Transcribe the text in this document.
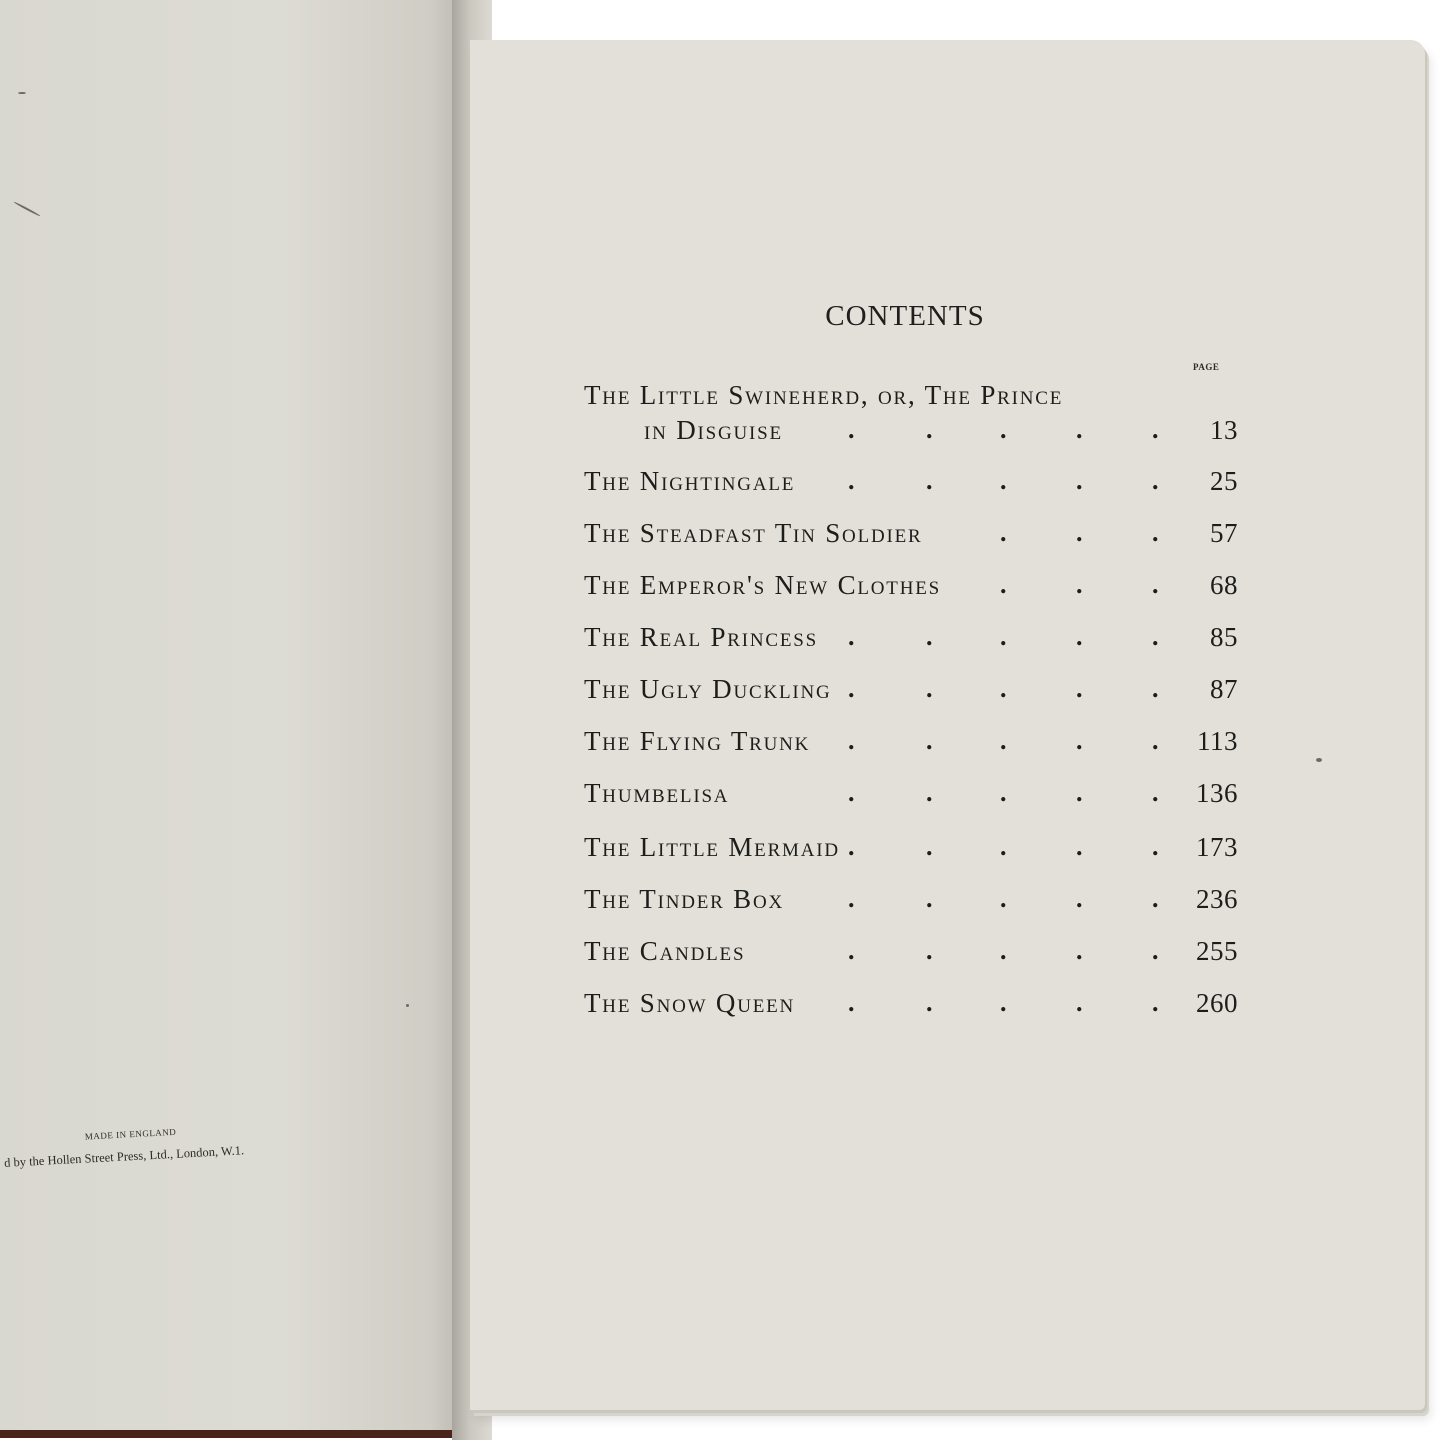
MADE IN ENGLAND
d by the Hollen Street Press, Ltd., London, W.1.
CONTENTS
PAGE
The Little Swineherd, or, The Prince
in Disguise	.	.	.	.	. 13
The Nightingale .	.	.	.	. 25
The Steadfast Tin Soldier	.	.	. 57
The Emperor's New Clothes .	.	. 68
The Real Princess .	.	.	.	. 85
The Ugly Duckling .	.	.	.	. 87
The Flying Trunk .	.	.	.	. 113
Thumbelisa	.	.	.	.	. 136
The Little Mermaid .	.	.	.	. 173
The Tinder Box .	.	.	.	. 236
The Candles	.	.	.	.	. 255
The Snow Queen .	.	.	.	. 260
